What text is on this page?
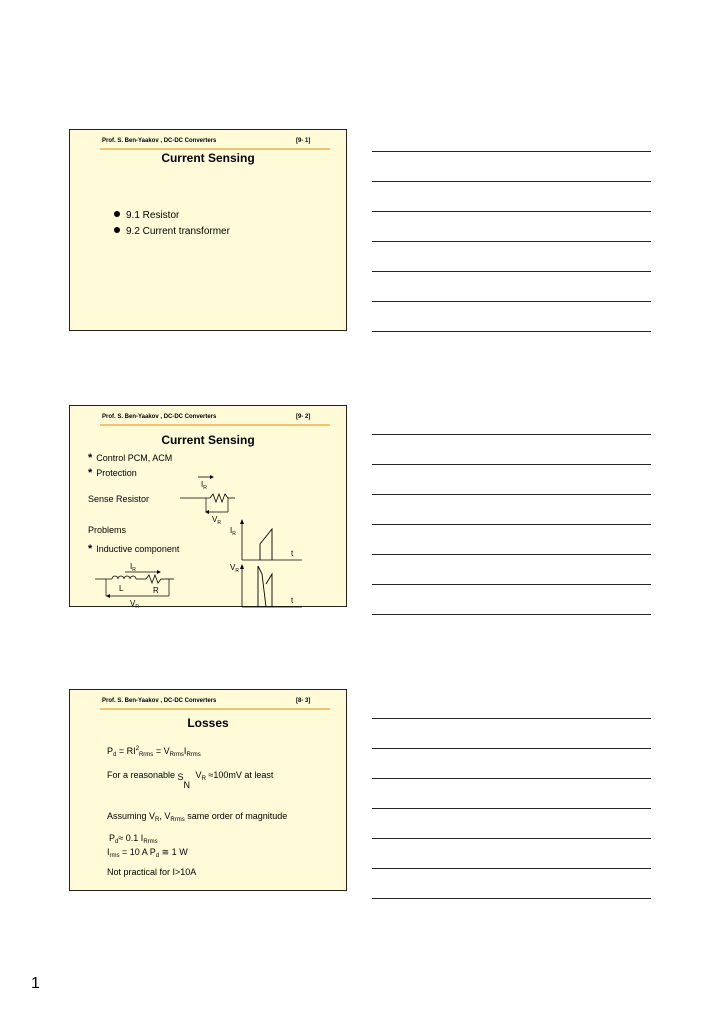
Prof. S. Ben-Yaakov , DC-DC Converters	[9- 1]
Current Sensing
9.1 Resistor
9.2 Current transformer
Prof. S. Ben-Yaakov , DC-DC Converters	[9- 2]
Current Sensing
* Control PCM, ACM
* Protection
Sense Resistor
Problems
* Inductive component
$I_R$
$V_R$
$I_R$
t
$V_R$
t
$I_R$
L	R
$V_R$
Prof. S. Ben-Yaakov , DC-DC Converters	[8- 3]
Losses
$P_d = RI^2_{Rrms} = V_{Rrms}I_{Rrms}$
For a reasonable S
N
$V_R \approx 100mV$ at least
Assuming $V_R$, $V_{Rrms}$ same order of magnitude
$P_d\approx 0.1$ $I_{Rrms}$
$I_{rms} = 10$ A $P_d$ ≅ 1 W
Not practical for I>10A
1
